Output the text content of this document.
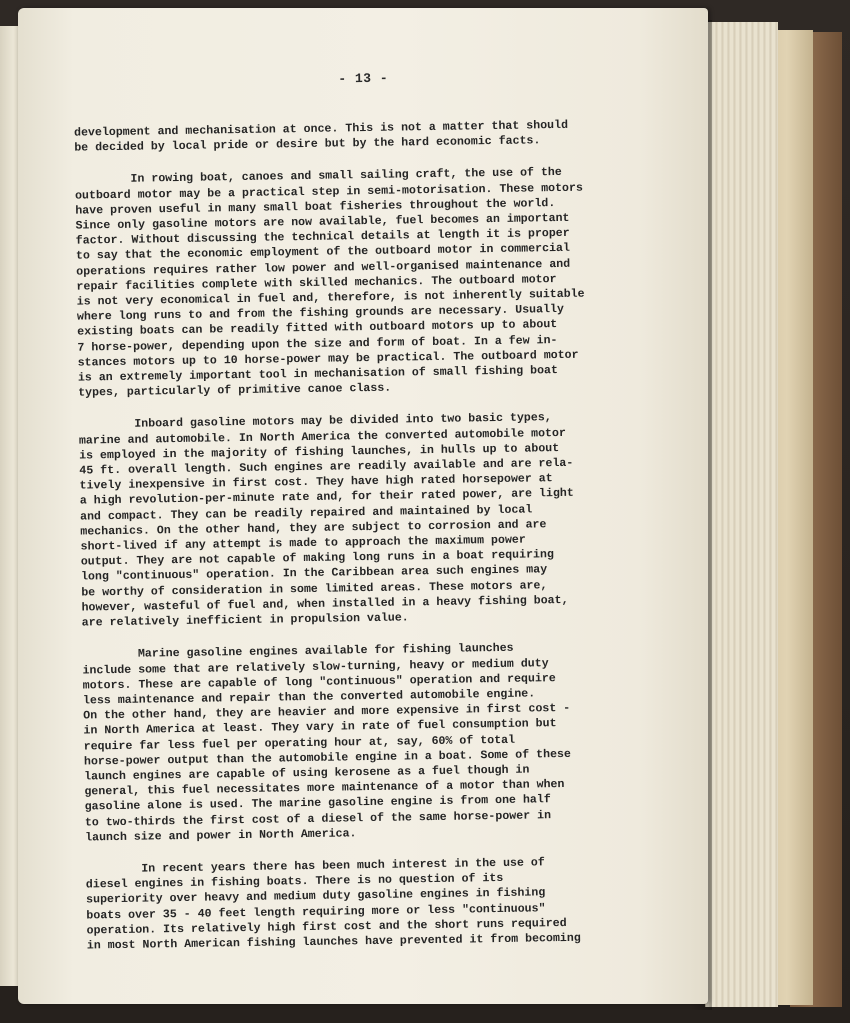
- 13 -

development and mechanisation at once. This is not a matter that should
be decided by local pride or desire but by the hard economic facts.

In rowing boat, canoes and small sailing craft, the use of the
outboard motor may be a practical step in semi-motorisation. These motors
have proven useful in many small boat fisheries throughout the world.
Since only gasoline motors are now available, fuel becomes an important
factor. Without discussing the technical details at length it is proper
to say that the economic employment of the outboard motor in commercial
operations requires rather low power and well-organised maintenance and
repair facilities complete with skilled mechanics. The outboard motor
is not very economical in fuel and, therefore, is not inherently suitable
where long runs to and from the fishing grounds are necessary. Usually
existing boats can be readily fitted with outboard motors up to about
7 horse-power, depending upon the size and form of boat. In a few in-
stances motors up to 10 horse-power may be practical. The outboard motor
is an extremely important tool in mechanisation of small fishing boat
types, particularly of primitive canoe class.

Inboard gasoline motors may be divided into two basic types,
marine and automobile. In North America the converted automobile motor
is employed in the majority of fishing launches, in hulls up to about
45 ft. overall length. Such engines are readily available and are rela-
tively inexpensive in first cost. They have high rated horsepower at
a high revolution-per-minute rate and, for their rated power, are light
and compact. They can be readily repaired and maintained by local
mechanics. On the other hand, they are subject to corrosion and are
short-lived if any attempt is made to approach the maximum power
output. They are not capable of making long runs in a boat requiring
long "continuous" operation. In the Caribbean area such engines may
be worthy of consideration in some limited areas. These motors are,
however, wasteful of fuel and, when installed in a heavy fishing boat,
are relatively inefficient in propulsion value.

Marine gasoline engines available for fishing launches
include some that are relatively slow-turning, heavy or medium duty
motors. These are capable of long "continuous" operation and require
less maintenance and repair than the converted automobile engine.
On the other hand, they are heavier and more expensive in first cost -
in North America at least. They vary in rate of fuel consumption but
require far less fuel per operating hour at, say, 60% of total
horse-power output than the automobile engine in a boat. Some of these
launch engines are capable of using kerosene as a fuel though in
general, this fuel necessitates more maintenance of a motor than when
gasoline alone is used. The marine gasoline engine is from one half
to two-thirds the first cost of a diesel of the same horse-power in
launch size and power in North America.

In recent years there has been much interest in the use of
diesel engines in fishing boats. There is no question of its
superiority over heavy and medium duty gasoline engines in fishing
boats over 35 - 40 feet length requiring more or less "continuous"
operation. Its relatively high first cost and the short runs required
in most North American fishing launches have prevented it from becoming
